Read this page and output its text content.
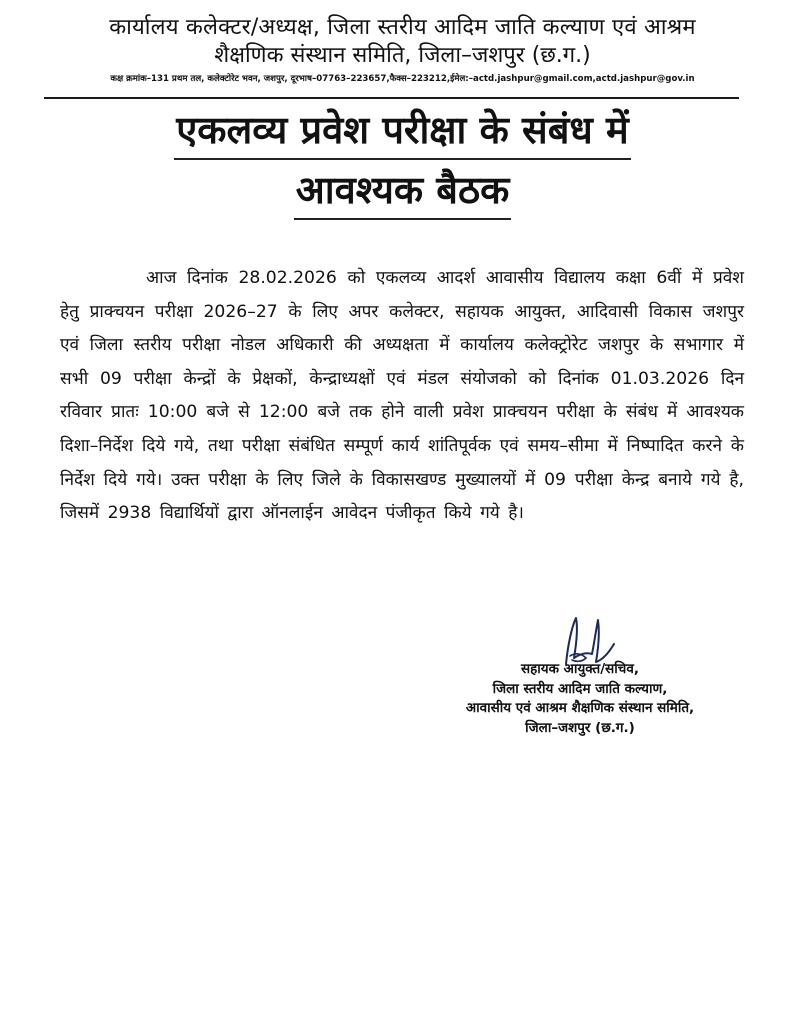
कार्यालय कलेक्टर/अध्यक्ष, जिला स्तरीय आदिम जाति कल्याण एवं आश्रम
शैक्षणिक संस्थान समिति, जिला–जशपुर (छ.ग.)
कक्ष क्रमांक–131 प्रथम तल, कलेक्टोरेट भवन, जशपुर, दूरभाष–07763–223657,फैक्स–223212,ईमेल:–actd.jashpur@gmail.com,actd.jashpur@gov.in
एकलव्य प्रवेश परीक्षा के संबंध में
आवश्यक बैठक
आज दिनांक 28.02.2026 को एकलव्य आदर्श आवासीय विद्यालय कक्षा 6वीं में प्रवेश हेतु प्राक्चयन परीक्षा 2026–27 के लिए अपर कलेक्टर, सहायक आयुक्त, आदिवासी विकास जशपुर एवं जिला स्तरीय परीक्षा नोडल अधिकारी की अध्यक्षता में कार्यालय कलेक्ट्रोरेट जशपुर के सभागार में सभी 09 परीक्षा केन्द्रों के प्रेक्षकों, केन्द्राध्यक्षों एवं मंडल संयोजको को दिनांक 01.03.2026 दिन रविवार प्रातः 10:00 बजे से 12:00 बजे तक होने वाली प्रवेश प्राक्चयन परीक्षा के संबंध में आवश्यक दिशा–निर्देश दिये गये, तथा परीक्षा संबंधित सम्पूर्ण कार्य शांतिपूर्वक एवं समय–सीमा में निष्पादित करने के निर्देश दिये गये। उक्त परीक्षा के लिए जिले के विकासखण्ड मुख्यालयों में 09 परीक्षा केन्द्र बनाये गये है, जिसमें 2938 विद्यार्थियों द्वारा ऑनलाईन आवेदन पंजीकृत किये गये है।
सहायक आयुक्त/सचिव,
जिला स्तरीय आदिम जाति कल्याण,
आवासीय एवं आश्रम शैक्षणिक संस्थान समिति,
जिला–जशपुर (छ.ग.)
